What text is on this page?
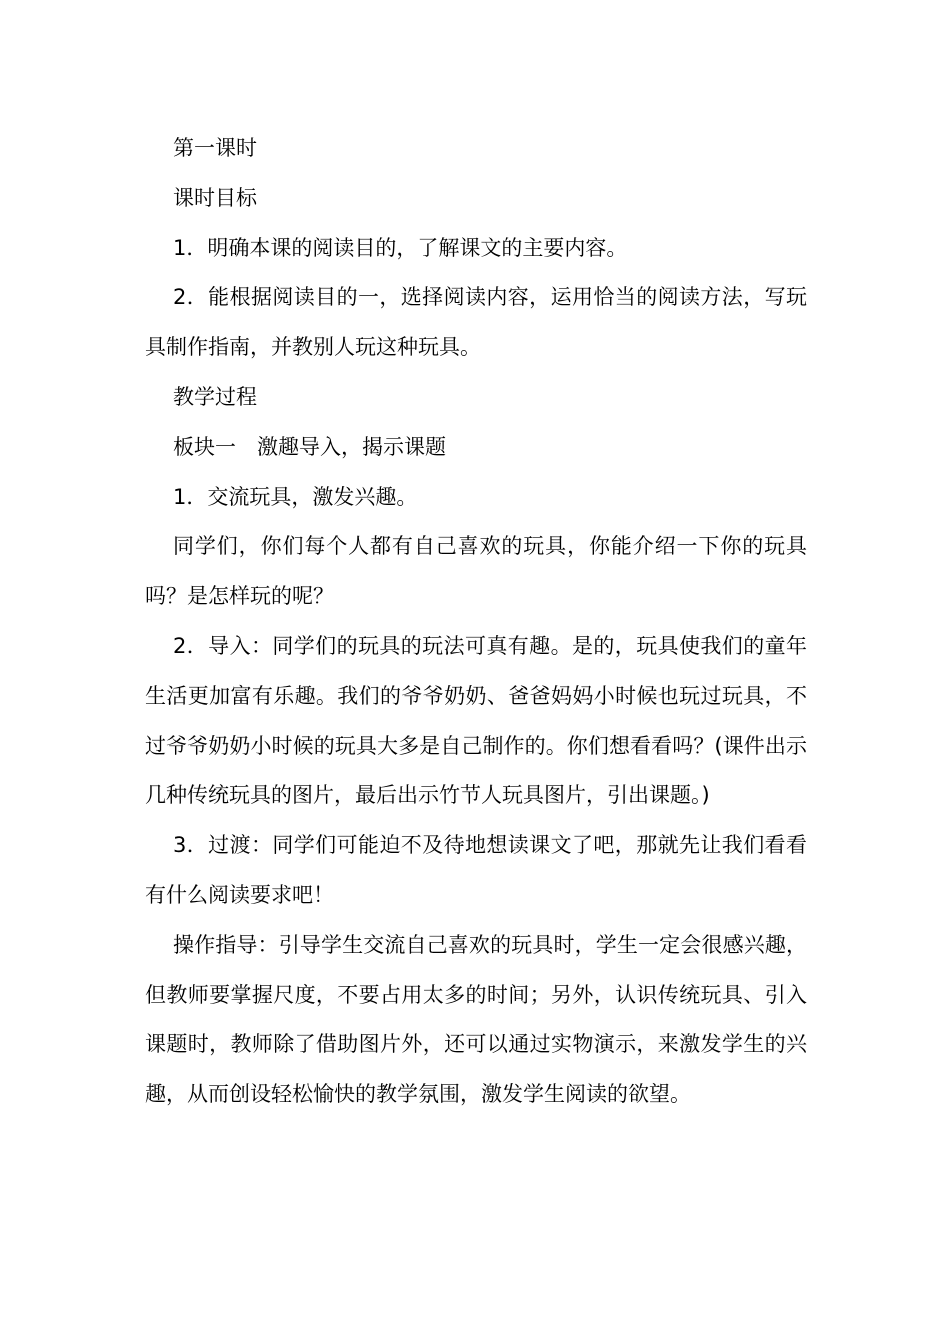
第一课时

课时目标

1．明确本课的阅读目的，了解课文的主要内容。

2．能根据阅读目的一，选择阅读内容，运用恰当的阅读方法，写玩具制作指南，并教别人玩这种玩具。

教学过程

板块一　激趣导入，揭示课题

1．交流玩具，激发兴趣。

同学们，你们每个人都有自己喜欢的玩具，你能介绍一下你的玩具吗？是怎样玩的呢？

2．导入：同学们的玩具的玩法可真有趣。是的，玩具使我们的童年生活更加富有乐趣。我们的爷爷奶奶、爸爸妈妈小时候也玩过玩具，不过爷爷奶奶小时候的玩具大多是自己制作的。你们想看看吗？(课件出示几种传统玩具的图片，最后出示竹节人玩具图片，引出课题。)

3．过渡：同学们可能迫不及待地想读课文了吧，那就先让我们看看有什么阅读要求吧！

操作指导：引导学生交流自己喜欢的玩具时，学生一定会很感兴趣，但教师要掌握尺度，不要占用太多的时间；另外，认识传统玩具、引入课题时，教师除了借助图片外，还可以通过实物演示，来激发学生的兴趣，从而创设轻松愉快的教学氛围，激发学生阅读的欲望。
